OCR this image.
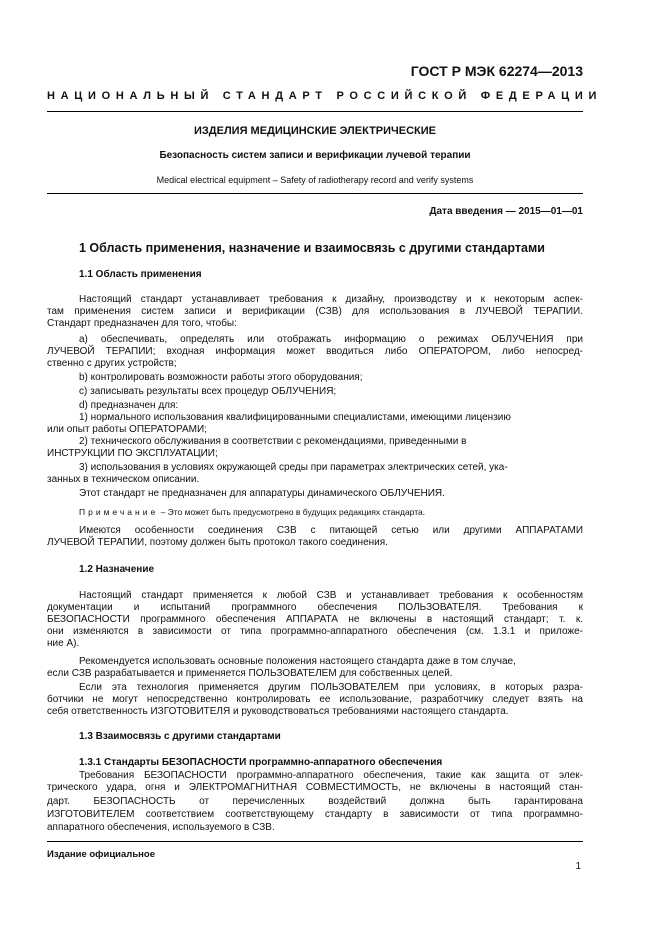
ГОСТ Р МЭК 62274—2013
НАЦИОНАЛЬНЫЙ СТАНДАРТ РОССИЙСКОЙ ФЕДЕРАЦИИ
ИЗДЕЛИЯ МЕДИЦИНСКИЕ ЭЛЕКТРИЧЕСКИЕ
Безопасность систем записи и верификации лучевой терапии
Medical electrical equipment – Safety of radiotherapy record and verify systems
Дата введения — 2015—01—01
1 Область применения, назначение и взаимосвязь с другими стандартами
1.1 Область применения
Настоящий стандарт устанавливает требования к дизайну, производству и к некоторым аспек-
там применения систем записи и верификации (СЗВ) для использования в ЛУЧЕВОЙ ТЕРАПИИ.
Стандарт предназначен для того, чтобы:
а) обеспечивать, определять или отображать информацию о режимах ОБЛУЧЕНИЯ при
ЛУЧЕВОЙ ТЕРАПИИ; входная информация может вводиться либо ОПЕРАТОРОМ, либо непосред-
ственно с других устройств;
b) контролировать возможности работы этого оборудования;
с) записывать результаты всех процедур ОБЛУЧЕНИЯ;
d) предназначен для:
1) нормального использования квалифицированными специалистами, имеющими лицензию
или опыт работы ОПЕРАТОРАМИ;
2) технического обслуживания в соответствии с рекомендациями, приведенными в
ИНСТРУКЦИИ ПО ЭКСПЛУАТАЦИИ;
3) использования в условиях окружающей среды при параметрах электрических сетей, ука-
занных в техническом описании.
Этот стандарт не предназначен для аппаратуры динамического ОБЛУЧЕНИЯ.
Примечание – Это может быть предусмотрено в будущих редакциях стандарта.
Имеются особенности соединения СЗВ с питающей сетью или другими АППАРАТАМИ
ЛУЧЕВОЙ ТЕРАПИИ, поэтому должен быть протокол такого соединения.
1.2 Назначение
Настоящий стандарт применяется к любой СЗВ и устанавливает требования к особенностям
документации и испытаний программного обеспечения ПОЛЬЗОВАТЕЛЯ. Требования к
БЕЗОПАСНОСТИ программного обеспечения АППАРАТА не включены в настоящий стандарт; т. к.
они изменяются в зависимости от типа программно-аппаратного обеспечения (см. 1.3.1 и приложе-
ние А).
Рекомендуется использовать основные положения настоящего стандарта даже в том случае,
если СЗВ разрабатывается и применяется ПОЛЬЗОВАТЕЛЕМ для собственных целей.
Если эта технология применяется другим ПОЛЬЗОВАТЕЛЕМ при условиях, в которых разра-
ботчики не могут непосредственно контролировать ее использование, разработчику следует взять на
себя ответственность ИЗГОТОВИТЕЛЯ и руководствоваться требованиями настоящего стандарта.
1.3 Взаимосвязь с другими стандартами
1.3.1 Стандарты БЕЗОПАСНОСТИ программно-аппаратного обеспечения
Требования БЕЗОПАСНОСТИ программно-аппаратного обеспечения, такие как защита от элек-
трического удара, огня и ЭЛЕКТРОМАГНИТНАЯ СОВМЕСТИМОСТЬ, не включены в настоящий стан-
дарт. БЕЗОПАСНОСТЬ от перечисленных воздействий должна быть гарантирована
ИЗГОТОВИТЕЛЕМ соответствием соответствующему стандарту в зависимости от типа программно-
аппаратного обеспечения, используемого в СЗВ.
Издание официальное
1
